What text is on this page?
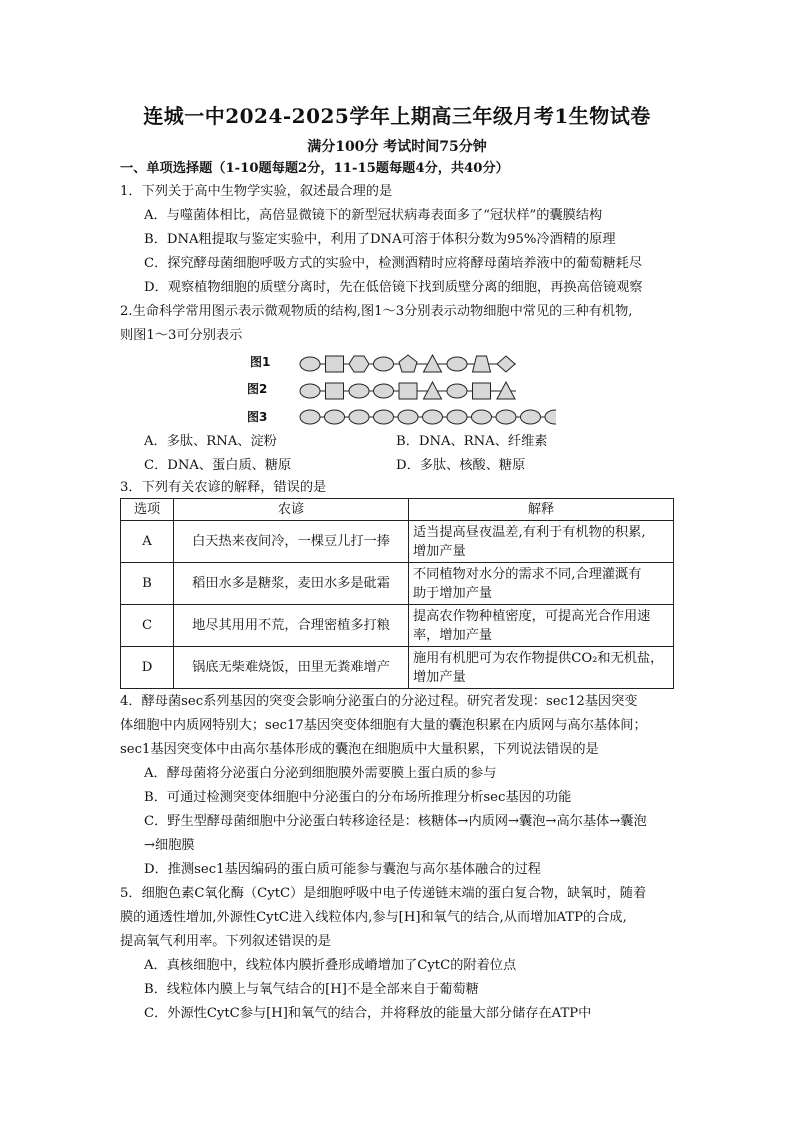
连城一中2024-2025学年上期高三年级月考1生物试卷
满分100分 考试时间75分钟
一、单项选择题（1-10题每题2分，11-15题每题4分，共40分）
1．下列关于高中生物学实验，叙述最合理的是
A．与噬菌体相比，高倍显微镜下的新型冠状病毒表面多了“冠状样”的囊膜结构
B．DNA粗提取与鉴定实验中，利用了DNA可溶于体积分数为95%冷酒精的原理
C．探究酵母菌细胞呼吸方式的实验中，检测酒精时应将酵母菌培养液中的葡萄糖耗尽
D．观察植物细胞的质壁分离时，先在低倍镜下找到质壁分离的细胞，再换高倍镜观察
2.生命科学常用图示表示微观物质的结构,图1～3分别表示动物细胞中常见的三种有机物,
则图1～3可分别表示
图1
图2
图3
A．多肽、RNA、淀粉	B．DNA、RNA、纤维素
C．DNA、蛋白质、糖原	D．多肽、核酸、糖原
3．下列有关农谚的解释，错误的是
选项	农谚	解释
A	白天热来夜间冷，一棵豆儿打一捧	适当提高昼夜温差,有利于有机物的积累,
增加产量
B	稻田水多是糖浆，麦田水多是砒霜	不同植物对水分的需求不同,合理灌溉有
助于增加产量
C	地尽其用用不荒，合理密植多打粮	提高农作物种植密度，可提高光合作用速
率，增加产量
D	锅底无柴难烧饭，田里无粪难增产	施用有机肥可为农作物提供CO₂和无机盐，
增加产量
4．酵母菌sec系列基因的突变会影响分泌蛋白的分泌过程。研究者发现：sec12基因突变
体细胞中内质网特别大；sec17基因突变体细胞有大量的囊泡积累在内质网与高尔基体间；
sec1基因突变体中由高尔基体形成的囊泡在细胞质中大量积累，下列说法错误的是
A．酵母菌将分泌蛋白分泌到细胞膜外需要膜上蛋白质的参与
B．可通过检测突变体细胞中分泌蛋白的分布场所推理分析sec基因的功能
C．野生型酵母菌细胞中分泌蛋白转移途径是：核糖体→内质网→囊泡→高尔基体→囊泡
→细胞膜
D．推测sec1基因编码的蛋白质可能参与囊泡与高尔基体融合的过程
5．细胞色素C氧化酶（CytC）是细胞呼吸中电子传递链末端的蛋白复合物，缺氧时，随着
膜的通透性增加,外源性CytC进入线粒体内,参与[H]和氧气的结合,从而增加ATP的合成,
提高氧气利用率。下列叙述错误的是
A．真核细胞中，线粒体内膜折叠形成嵴增加了CytC的附着位点
B．线粒体内膜上与氧气结合的[H]不是全部来自于葡萄糖
C．外源性CytC参与[H]和氧气的结合，并将释放的能量大部分储存在ATP中
